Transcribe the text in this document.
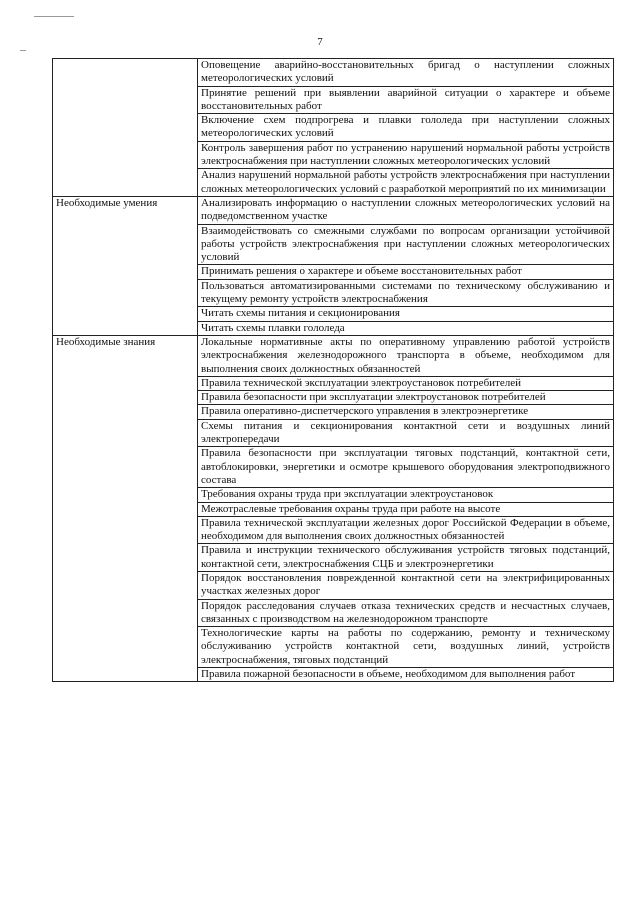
7
	Оповещение аварийно-восстановительных бригад о наступлении сложных метеорологических условий
	Принятие решений при выявлении аварийной ситуации о характере и объеме восстановительных работ
	Включение схем подпрогрева и плавки гололеда при наступлении сложных метеорологических условий
	Контроль завершения работ по устранению нарушений нормальной работы устройств электроснабжения при наступлении сложных метеорологических условий
	Анализ нарушений нормальной работы устройств электроснабжения при наступлении сложных метеорологических условий с разработкой мероприятий по их минимизации
Необходимые умения	Анализировать информацию о наступлении сложных метеорологических условий на подведомственном участке
	Взаимодействовать со смежными службами по вопросам организации устойчивой работы устройств электроснабжения при наступлении сложных метеорологических условий
	Принимать решения о характере и объеме восстановительных работ
	Пользоваться автоматизированными системами по техническому обслуживанию и текущему ремонту устройств электроснабжения
	Читать схемы питания и секционирования
	Читать схемы плавки гололеда
Необходимые знания	Локальные нормативные акты по оперативному управлению работой устройств электроснабжения железнодорожного транспорта в объеме, необходимом для выполнения своих должностных обязанностей
	Правила технической эксплуатации электроустановок потребителей
	Правила безопасности при эксплуатации электроустановок потребителей
	Правила оперативно-диспетчерского управления в электроэнергетике
	Схемы питания и секционирования контактной сети и воздушных линий электропередачи
	Правила безопасности при эксплуатации тяговых подстанций, контактной сети, автоблокировки, энергетики и осмотре крышевого оборудования электроподвижного состава
	Требования охраны труда при эксплуатации электроустановок
	Межотраслевые требования охраны труда при работе на высоте
	Правила технической эксплуатации железных дорог Российской Федерации в объеме, необходимом для выполнения своих должностных обязанностей
	Правила и инструкции технического обслуживания устройств тяговых подстанций, контактной сети, электроснабжения СЦБ и электроэнергетики
	Порядок восстановления поврежденной контактной сети на электрифицированных участках железных дорог
	Порядок расследования случаев отказа технических средств и несчастных случаев, связанных с производством на железнодорожном транспорте
	Технологические карты на работы по содержанию, ремонту и техническому обслуживанию устройств контактной сети, воздушных линий, устройств электроснабжения, тяговых подстанций
	Правила пожарной безопасности в объеме, необходимом для выполнения работ
